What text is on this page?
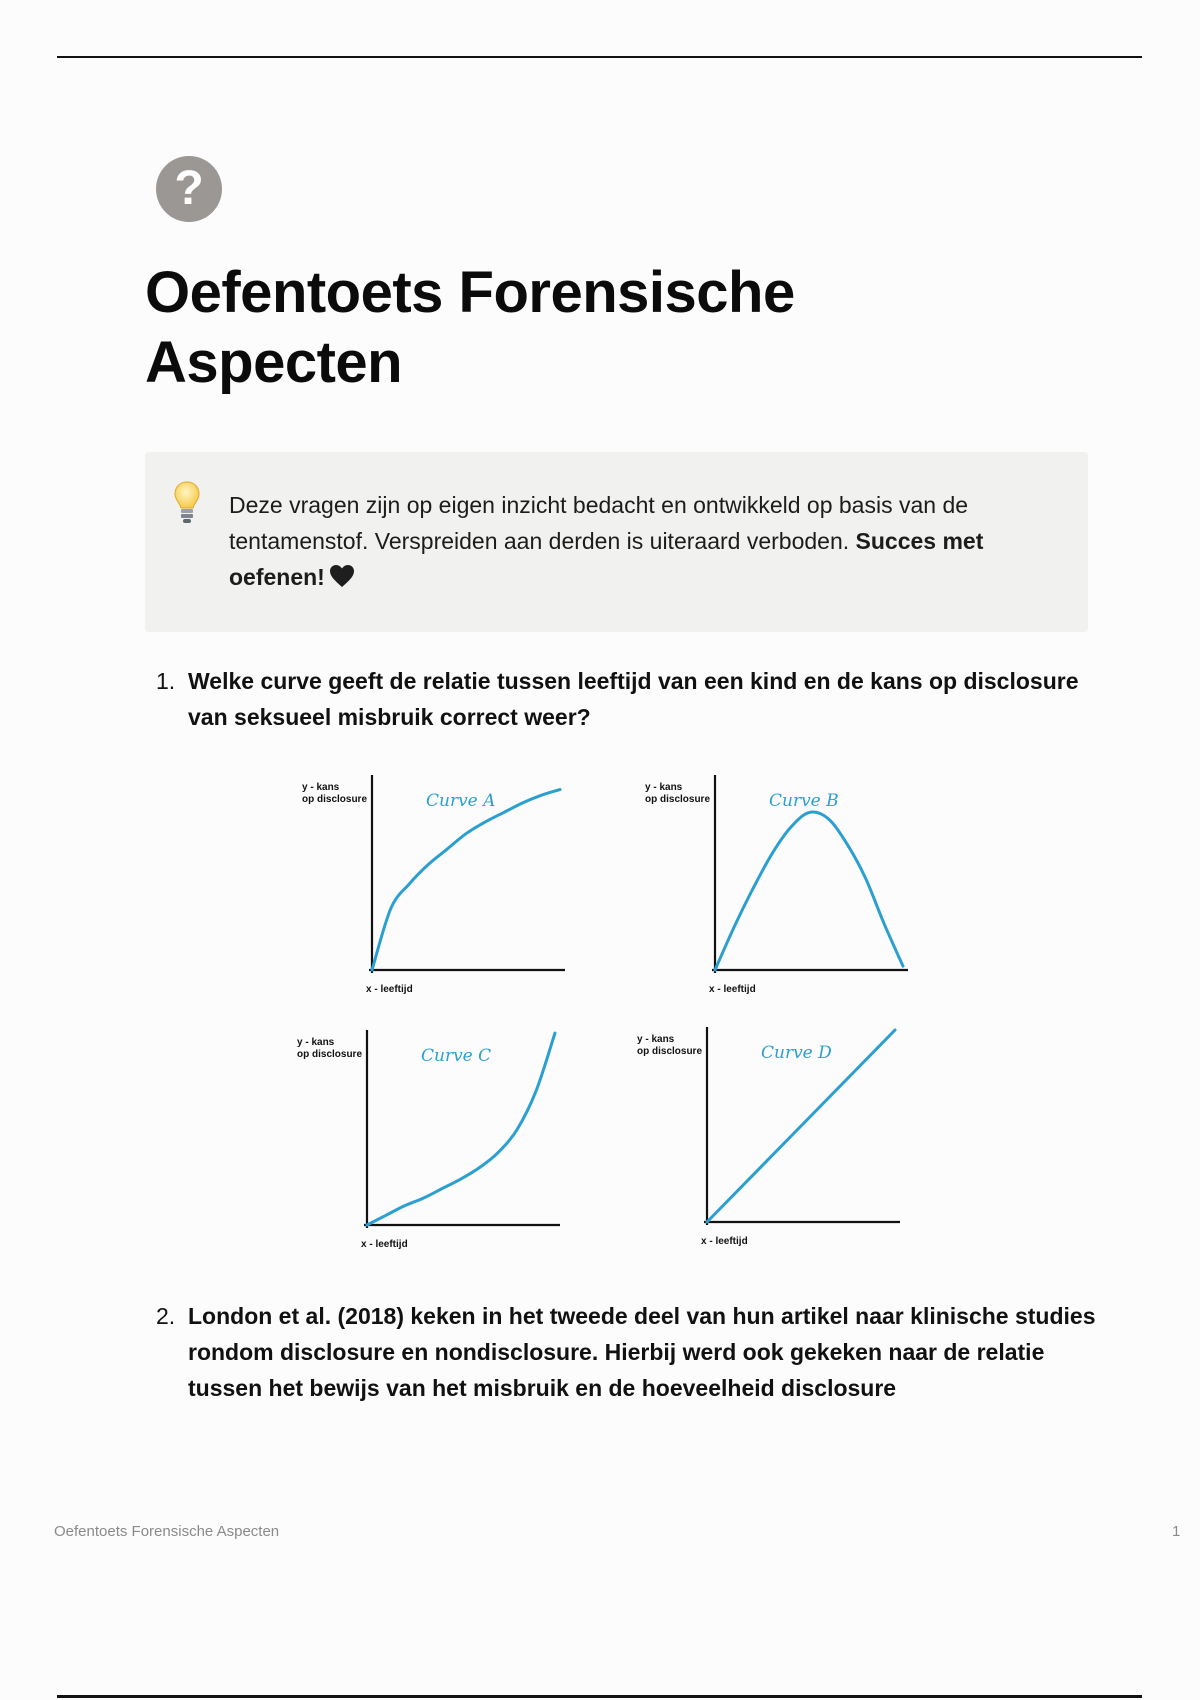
?
Oefentoets Forensische Aspecten
Deze vragen zijn op eigen inzicht bedacht en ontwikkeld op basis van de tentamenstof. Verspreiden aan derden is uiteraard verboden. Succes met oefenen!
1. Welke curve geeft de relatie tussen leeftijd van een kind en de kans op disclosure van seksueel misbruik correct weer?
Curve A
y - kans
op disclosure
x - leeftijd
Curve B
y - kans
op disclosure
x - leeftijd
Curve C
y - kans
op disclosure
x - leeftijd
Curve D
y - kans
op disclosure
x - leeftijd
2. London et al. (2018) keken in het tweede deel van hun artikel naar klinische studies rondom disclosure en nondisclosure. Hierbij werd ook gekeken naar de relatie tussen het bewijs van het misbruik en de hoeveelheid disclosure
Oefentoets Forensische Aspecten	1
